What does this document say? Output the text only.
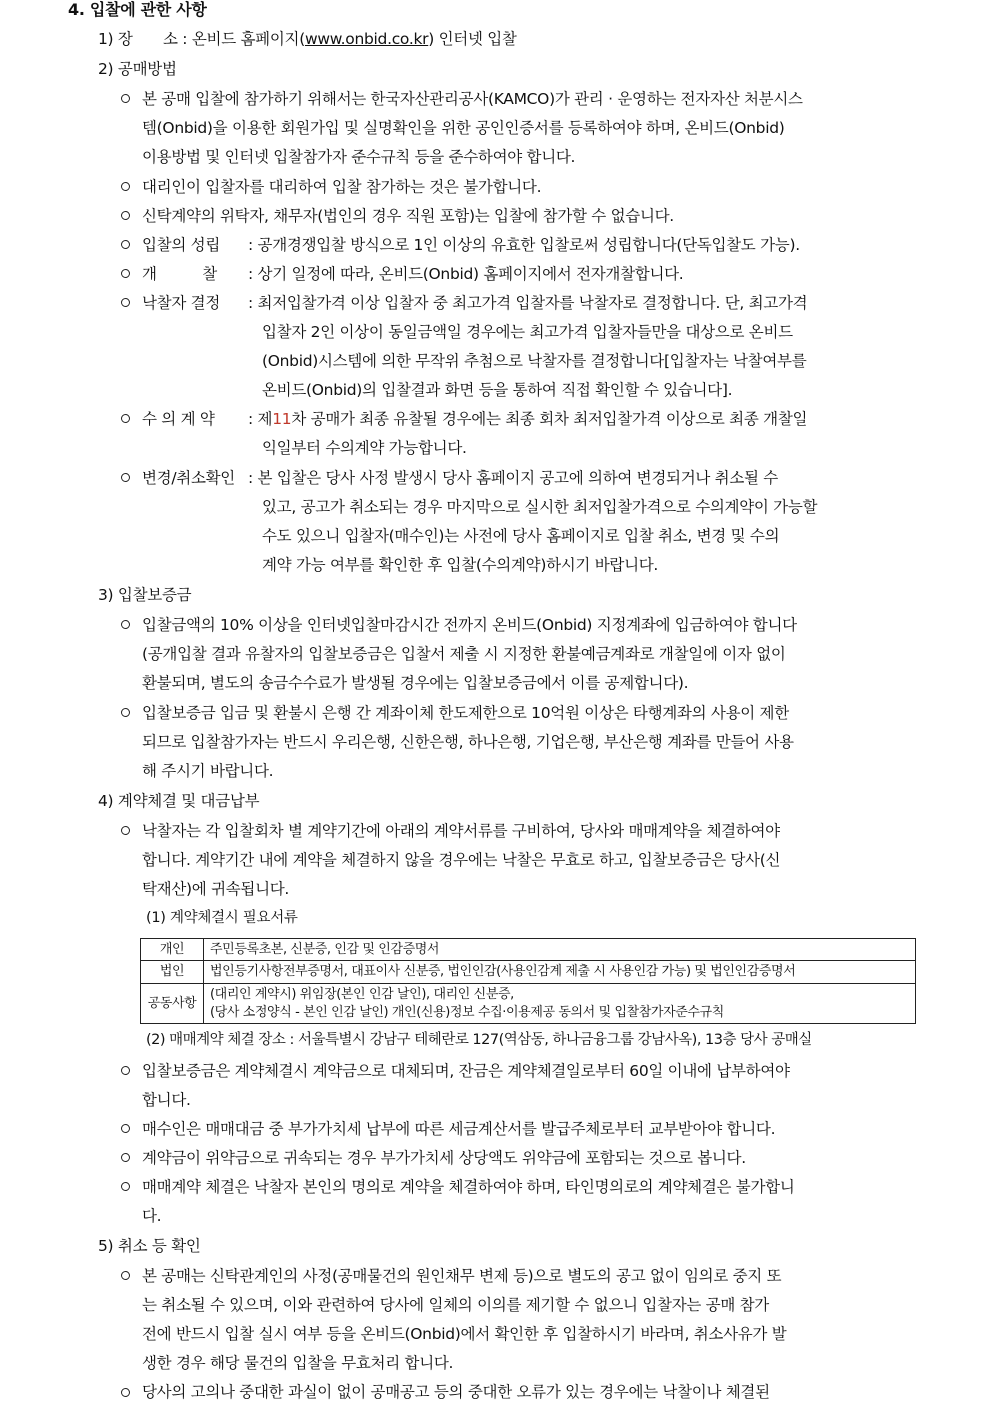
4. 입찰에 관한 사항
1) 장　　소 : 온비드 홈페이지(www.onbid.co.kr) 인터넷 입찰
2) 공매방법
본 공매 입찰에 참가하기 위해서는 한국자산관리공사(KAMCO)가 관리 · 운영하는 전자자산 처분시스
템(Onbid)을 이용한 회원가입 및 실명확인을 위한 공인인증서를 등록하여야 하며, 온비드(Onbid)
이용방법 및 인터넷 입찰참가자 준수규칙 등을 준수하여야 합니다.
대리인이 입찰자를 대리하여 입찰 참가하는 것은 불가합니다.
신탁계약의 위탁자, 채무자(법인의 경우 직원 포함)는 입찰에 참가할 수 없습니다.
입찰의 성립 : 공개경쟁입찰 방식으로 1인 이상의 유효한 입찰로써 성립합니다(단독입찰도 가능).
개　　　찰 : 상기 일정에 따라, 온비드(Onbid) 홈페이지에서 전자개찰합니다.
낙찰자 결정 : 최저입찰가격 이상 입찰자 중 최고가격 입찰자를 낙찰자로 결정합니다. 단, 최고가격
입찰자 2인 이상이 동일금액일 경우에는 최고가격 입찰자들만을 대상으로 온비드
(Onbid)시스템에 의한 무작위 추첨으로 낙찰자를 결정합니다[입찰자는 낙찰여부를
온비드(Onbid)의 입찰결과 화면 등을 통하여 직접 확인할 수 있습니다].
수 의 계 약 : 제11차 공매가 최종 유찰될 경우에는 최종 회차 최저입찰가격 이상으로 최종 개찰일
익일부터 수의계약 가능합니다.
변경/취소확인 : 본 입찰은 당사 사정 발생시 당사 홈페이지 공고에 의하여 변경되거나 취소될 수
있고, 공고가 취소되는 경우 마지막으로 실시한 최저입찰가격으로 수의계약이 가능할
수도 있으니 입찰자(매수인)는 사전에 당사 홈페이지로 입찰 취소, 변경 및 수의
계약 가능 여부를 확인한 후 입찰(수의계약)하시기 바랍니다.
3) 입찰보증금
입찰금액의 10% 이상을 인터넷입찰마감시간 전까지 온비드(Onbid) 지정계좌에 입금하여야 합니다
(공개입찰 결과 유찰자의 입찰보증금은 입찰서 제출 시 지정한 환불예금계좌로 개찰일에 이자 없이
환불되며, 별도의 송금수수료가 발생될 경우에는 입찰보증금에서 이를 공제합니다).
입찰보증금 입금 및 환불시 은행 간 계좌이체 한도제한으로 10억원 이상은 타행계좌의 사용이 제한
되므로 입찰참가자는 반드시 우리은행, 신한은행, 하나은행, 기업은행, 부산은행 계좌를 만들어 사용
해 주시기 바랍니다.
4) 계약체결 및 대금납부
낙찰자는 각 입찰회차 별 계약기간에 아래의 계약서류를 구비하여, 당사와 매매계약을 체결하여야
합니다. 계약기간 내에 계약을 체결하지 않을 경우에는 낙찰은 무효로 하고, 입찰보증금은 당사(신
탁재산)에 귀속됩니다.
(1) 계약체결시 필요서류
개인	주민등록초본, 신분증, 인감 및 인감증명서
법인	법인등기사항전부증명서, 대표이사 신분증, 법인인감(사용인감계 제출 시 사용인감 가능) 및 법인인감증명서
공동사항	(대리인 계약시) 위임장(본인 인감 날인), 대리인 신분증,
(당사 소정양식 - 본인 인감 날인) 개인(신용)정보 수집·이용제공 동의서 및 입찰참가자준수규칙
(2) 매매계약 체결 장소 : 서울특별시 강남구 테헤란로 127(역삼동, 하나금융그룹 강남사옥), 13층 당사 공매실
입찰보증금은 계약체결시 계약금으로 대체되며, 잔금은 계약체결일로부터 60일 이내에 납부하여야
합니다.
매수인은 매매대금 중 부가가치세 납부에 따른 세금계산서를 발급주체로부터 교부받아야 합니다.
계약금이 위약금으로 귀속되는 경우 부가가치세 상당액도 위약금에 포함되는 것으로 봅니다.
매매계약 체결은 낙찰자 본인의 명의로 계약을 체결하여야 하며, 타인명의로의 계약체결은 불가합니
다.
5) 취소 등 확인
본 공매는 신탁관계인의 사정(공매물건의 원인채무 변제 등)으로 별도의 공고 없이 임의로 중지 또
는 취소될 수 있으며, 이와 관련하여 당사에 일체의 이의를 제기할 수 없으니 입찰자는 공매 참가
전에 반드시 입찰 실시 여부 등을 온비드(Onbid)에서 확인한 후 입찰하시기 바라며, 취소사유가 발
생한 경우 해당 물건의 입찰을 무효처리 합니다.
당사의 고의나 중대한 과실이 없이 공매공고 등의 중대한 오류가 있는 경우에는 낙찰이나 체결된
